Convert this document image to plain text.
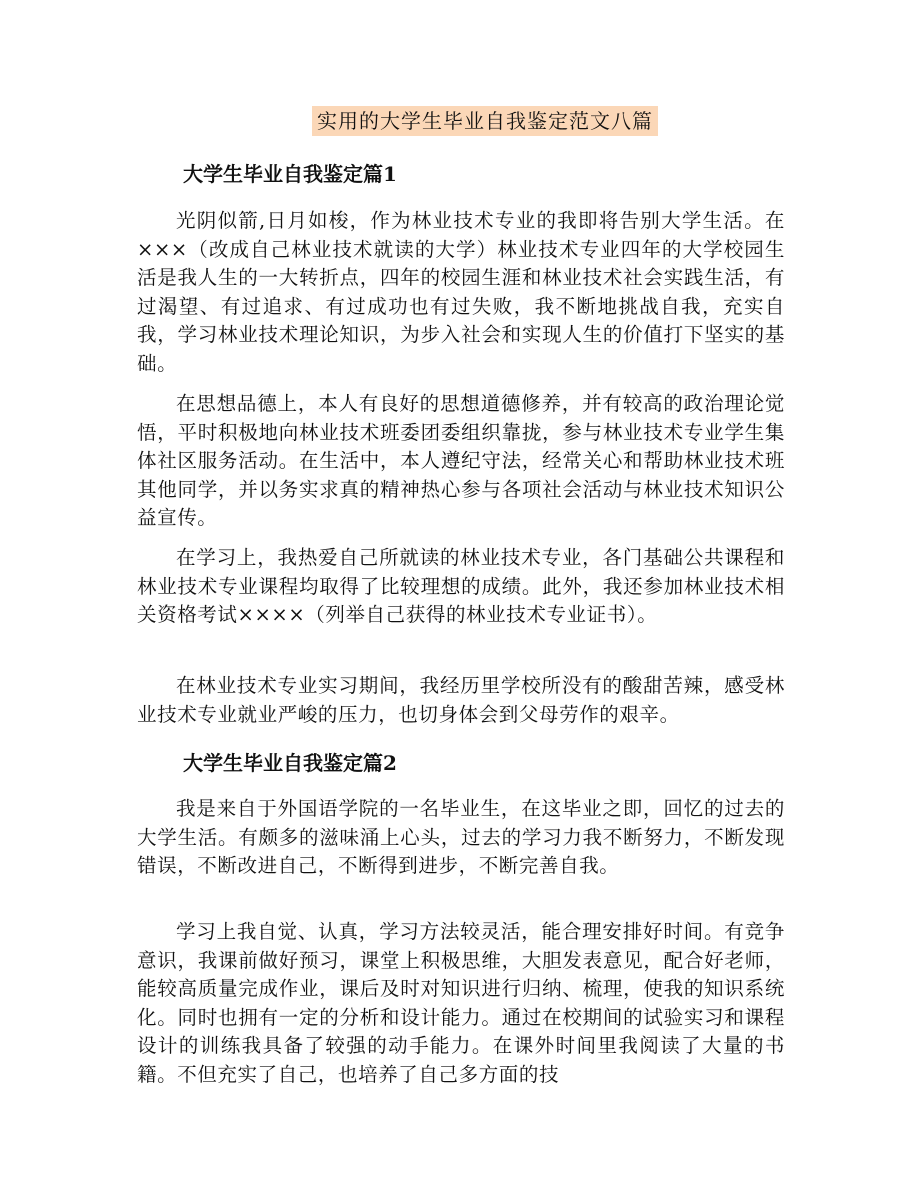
实用的大学生毕业自我鉴定范文八篇
大学生毕业自我鉴定篇1

光阴似箭,日月如梭，作为林业技术专业的我即将告别大学生活。在×××（改成自己林业技术就读的大学）林业技术专业四年的大学校园生活是我人生的一大转折点，四年的校园生涯和林业技术社会实践生活，有过渴望、有过追求、有过成功也有过失败，我不断地挑战自我，充实自我，学习林业技术理论知识，为步入社会和实现人生的价值打下坚实的基础。

在思想品德上，本人有良好的思想道德修养，并有较高的政治理论觉悟，平时积极地向林业技术班委团委组织靠拢，参与林业技术专业学生集体社区服务活动。在生活中，本人遵纪守法，经常关心和帮助林业技术班其他同学，并以务实求真的精神热心参与各项社会活动与林业技术知识公益宣传。

在学习上，我热爱自己所就读的林业技术专业，各门基础公共课程和林业技术专业课程均取得了比较理想的成绩。此外，我还参加林业技术相关资格考试××××（列举自己获得的林业技术专业证书）。

在林业技术专业实习期间，我经历里学校所没有的酸甜苦辣，感受林业技术专业就业严峻的压力，也切身体会到父母劳作的艰辛。

大学生毕业自我鉴定篇2

我是来自于外国语学院的一名毕业生，在这毕业之即，回忆的过去的大学生活。有颇多的滋味涌上心头，过去的学习力我不断努力，不断发现错误，不断改进自己，不断得到进步，不断完善自我。

学习上我自觉、认真，学习方法较灵活，能合理安排好时间。有竞争意识，我课前做好预习，课堂上积极思维，大胆发表意见，配合好老师，能较高质量完成作业，课后及时对知识进行归纳、梳理，使我的知识系统化。同时也拥有一定的分析和设计能力。通过在校期间的试验实习和课程设计的训练我具备了较强的动手能力。在课外时间里我阅读了大量的书籍。不但充实了自己，也培养了自己多方面的技
